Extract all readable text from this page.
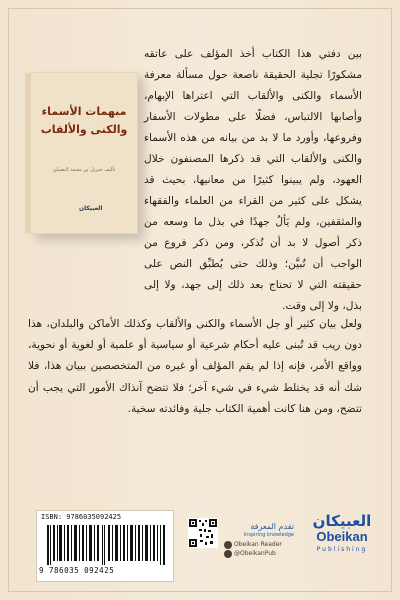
مبهمات الأسماء
والكنى والألقاب
تأليف جبريل بن محمد البصيلي
العبيكان
بين دفتي هذا الكتاب أخذ المؤلف على عاتقه مشكورًا تجلية الحقيقة ناصعة حول مسألة معرفة الأسماء والكنى والألقاب التي اعتراها الإبهام، وأصابها الالتباس، فضلًا على مطولات الأسفار وفروعها، وأورد ما لا بد من بيانه من هذه الأسماء والكنى والألقاب التي قد ذكرها المصنفون خلال العهود، ولم يبينوا كثيرًا من معانيها، بحيث قد يشكل على كثير من القراء من العلماء والفقهاء والمثقفين، ولم يَألُ جهدًا في بذل ما وسعه من ذكر أصول لا بد أن تُذكر، ومن ذكر فروع من الواجب أن تُبيَّن؛ وذلك حتى يُطبِّق النص على حقيقته التي لا تحتاج بعد ذلك إلى جهد، ولا إلى بذل، ولا إلى وقت.
ولعل بيان كثير أو جل الأسماء والكنى والألقاب وكذلك الأماكن والبلدان، هذا دون ريب قد تُبنى عليه أحكام شرعية أو سياسية أو علمية أو لغوية أو نحوية، وواقع الأمر، فإنه إذا لم يقم المؤلف أو غيره من المتخصصين ببيان هذا، فلا شك أنه قد يختلط شيء في شيء آخر؛ فلا تتضح آنذاك الأمور التي يجب أن تتضح، ومن هنا كانت أهمية الكتاب جلية وفائدته سخية.
ISBN: 9786035092425
9 786035 092425
تقدم المعرفة
Inspiring knowledge
Obeikan Reader
@ObeikanPub
العبيكان
Obeikan
Publishing
